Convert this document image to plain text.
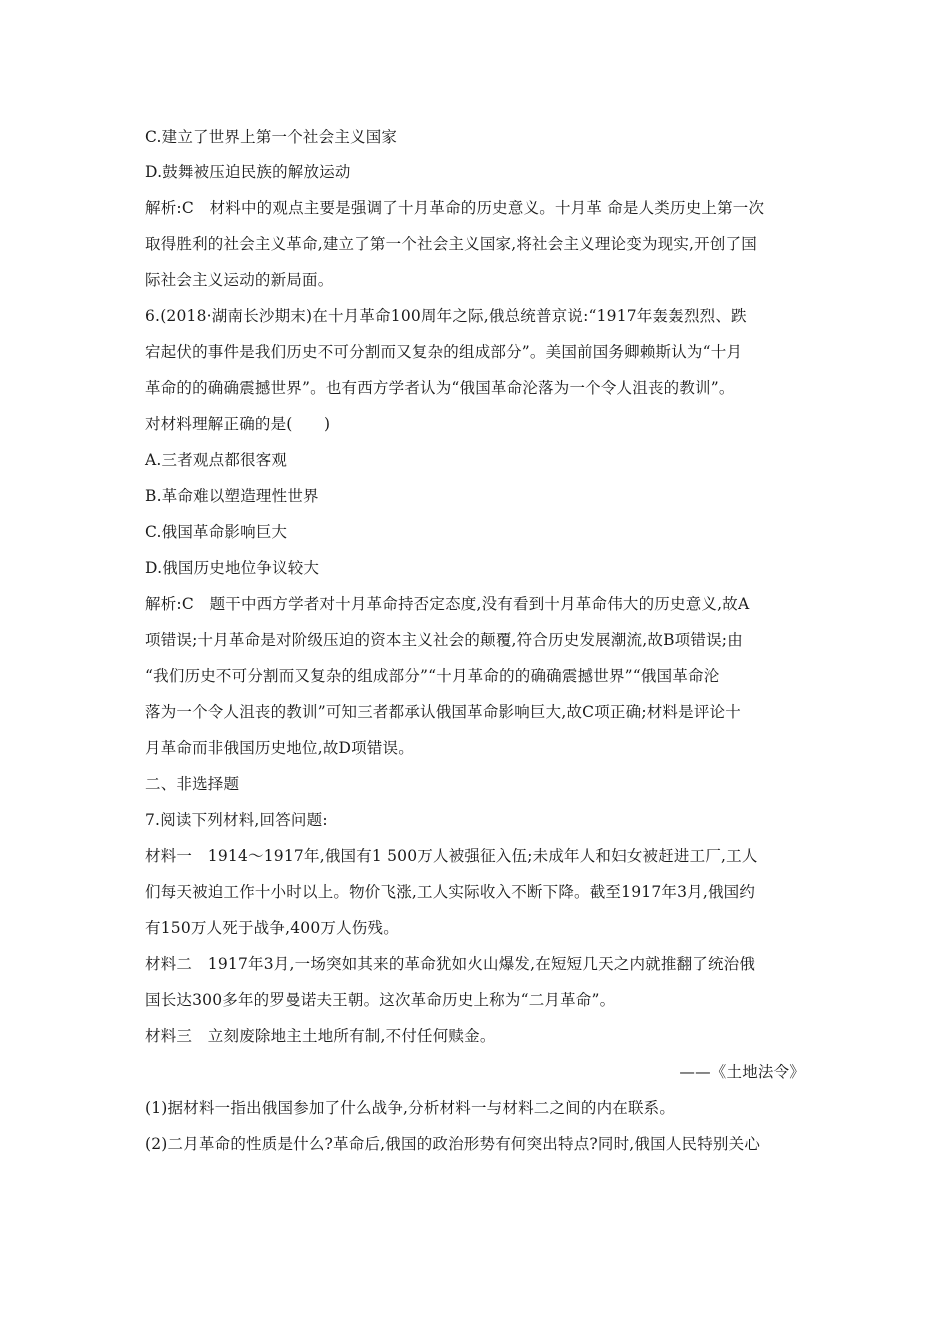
C.建立了世界上第一个社会主义国家
D.鼓舞被压迫民族的解放运动
解析:C　材料中的观点主要是强调了十月革命的历史意义。十月革 命是人类历史上第一次
取得胜利的社会主义革命,建立了第一个社会主义国家,将社会主义理论变为现实,开创了国
际社会主义运动的新局面。
6.(2018·湖南长沙期末)在十月革命100周年之际,俄总统普京说:“1917年轰轰烈烈、跌
宕起伏的事件是我们历史不可分割而又复杂的组成部分”。美国前国务卿赖斯认为“十月
革命的的确确震撼世界”。也有西方学者认为“俄国革命沦落为一个令人沮丧的教训”。
对材料理解正确的是(　　)
A.三者观点都很客观
B.革命难以塑造理性世界
C.俄国革命影响巨大
D.俄国历史地位争议较大
解析:C　题干中西方学者对十月革命持否定态度,没有看到十月革命伟大的历史意义,故A
项错误;十月革命是对阶级压迫的资本主义社会的颠覆,符合历史发展潮流,故B项错误;由
“我们历史不可分割而又复杂的组成部分”“十月革命的的确确震撼世界”“俄国革命沦
落为一个令人沮丧的教训”可知三者都承认俄国革命影响巨大,故C项正确;材料是评论十
月革命而非俄国历史地位,故D项错误。
二、非选择题
7.阅读下列材料,回答问题:
材料一　1914～1917年,俄国有1 500万人被强征入伍;未成年人和妇女被赶进工厂,工人
们每天被迫工作十小时以上。物价飞涨,工人实际收入不断下降。截至1917年3月,俄国约
有150万人死于战争,400万人伤残。
材料二　1917年3月,一场突如其来的革命犹如火山爆发,在短短几天之内就推翻了统治俄
国长达300多年的罗曼诺夫王朝。这次革命历史上称为“二月革命”。
材料三　立刻废除地主土地所有制,不付任何赎金。
——《土地法令》
(1)据材料一指出俄国参加了什么战争,分析材料一与材料二之间的内在联系。
(2)二月革命的性质是什么?革命后,俄国的政治形势有何突出特点?同时,俄国人民特别关心
